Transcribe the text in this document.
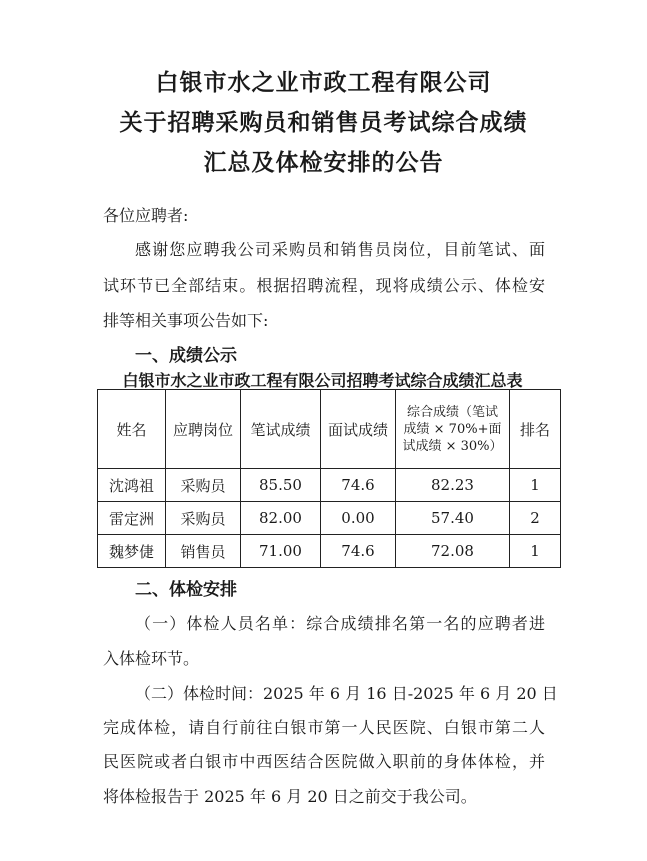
白银市水之业市政工程有限公司
关于招聘采购员和销售员考试综合成绩
汇总及体检安排的公告
各位应聘者:
感谢您应聘我公司采购员和销售员岗位，目前笔试、面
试环节已全部结束。根据招聘流程，现将成绩公示、体检安
排等相关事项公告如下:
一、成绩公示
白银市水之业市政工程有限公司招聘考试综合成绩汇总表
姓名	应聘岗位	笔试成绩	面试成绩	综合成绩（笔试成绩 × 70%+面试成绩 × 30%）	排名
沈鸿祖	采购员	85.50	74.6	82.23	1
雷定洲	采购员	82.00	0.00	57.40	2
魏梦倢	销售员	71.00	74.6	72.08	1
二、体检安排
（一）体检人员名单：综合成绩排名第一名的应聘者进
入体检环节。
（二）体检时间：2025 年 6 月 16 日-2025 年 6 月 20 日
完成体检，请自行前往白银市第一人民医院、白银市第二人
民医院或者白银市中西医结合医院做入职前的身体体检，并
将体检报告于 2025 年 6 月 20 日之前交于我公司。
